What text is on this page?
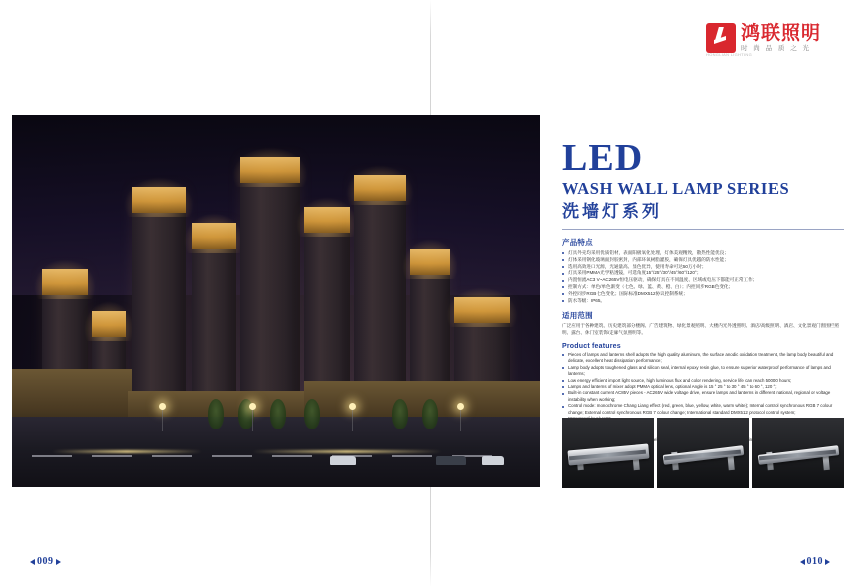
鸿联照明
时 尚 品 质 之 光
HONGLIAN LIGHTING
LED
WASH WALL LAMP SERIES
洗墙灯系列
产品特点
灯具外壳均采用优质铝材，表面阳极氧化处理，灯体美观精致，散热性能优良；
灯体采用钢化玻璃面封胶密封，内部环氧树脂灌胶，确保灯具优越的防水性能；
选用高效进口光源，光通量高、显色优异，使用寿命可达50万小时；
灯具采用PMMA光学粘透镜，可选角度15°/25°/30°/45°/60°/120°；
内置恒流AC3 V~AC265V恒电压驱动，确保灯具在不同温度、区域或电压下都能可正常工作；
控制方式：单色/单色渐变（七色、绿、蓝、黄、橙、白）；内控同步RGB色变化；
外控同步RGB七色变化；国际标准DMX512协议控制系统；
防水等级：IP65。
适用范围

广泛应用于各种建筑、历史建筑部分楼阁、广告建筑物、绿化景观照明、大楼内光外透照明、酒店/高级照明、酒店、文化景观门窗围栏照明、露台、休门室装饰/走廊气氛照明等。

Product features
Pieces of lamps and lanterns shell adopts the high quality aluminum, the surface anodic oxidation treatment, the lamp body beautiful and delicate, excellent heat dissipation performance;
Lamp body adopts toughened glass and silicon seal, internal epoxy resin glue, to ensure superior waterproof performance of lamps and lanterns;
Low energy efficient import light source, high luminous flux and color rendering, service life can reach 50000 hours;
Lamps and lanterns of mixer adopt PMMA optical lens, optional Angle is 15 ° 25 ° to 30 ° 45 ° to 60 °, 120 °;
Built-in constant current AC85V pieces - AC265V wide voltage drive, ensure lamps and lanterns in different national, regional or voltage instability when working;
Control mode: monochrome Chang Liang effect (red, green, blue, yellow, white, warm white); Internal control synchronous RGB 7 colour change; External control synchronous RGB 7 colour change; International standard DMX512 protocol control system;

hotels,

009	010
